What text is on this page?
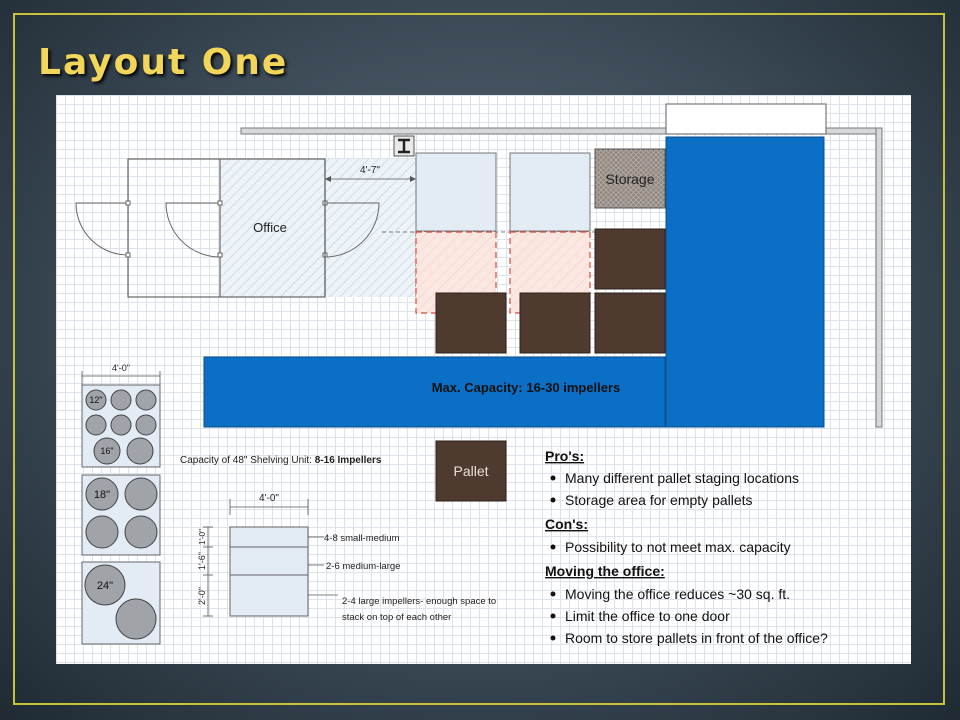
Layout One
Office
4'-7"
Storage
Max. Capacity: 16-30 impellers
Pallet
Capacity of 48" Shelving Unit: 8-16 Impellers
4'-0"
12"
16"
18"
24"
4'-0"
1'-0"
1'-6"
2'-0"
4-8 small-medium
2-6 medium-large
2-4 large impellers- enough space to
stack on top of each other
Pro's:
Many different pallet staging locations
Storage area for empty pallets
Con's:
Possibility to not meet max. capacity
Moving the office:
Moving the office reduces ~30 sq. ft.
Limit the office to one door
Room to store pallets in front of the office?
